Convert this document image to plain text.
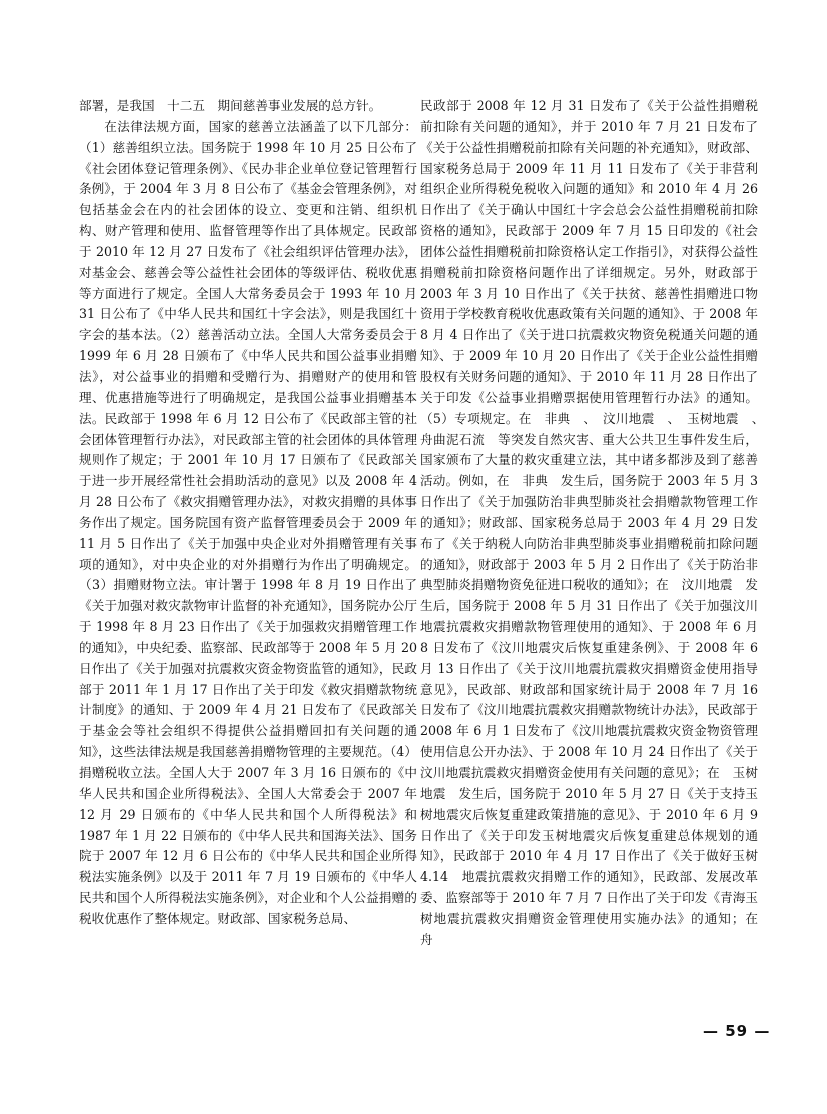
部署，是我国　十二五　期间慈善事业发展的总方针。

在法律法规方面，国家的慈善立法涵盖了以下几部分：（1）慈善组织立法。国务院于 1998 年 10 月 25 日公布了《社会团体登记管理条例》、《民办非企业单位登记管理暂行条例》，于 2004 年 3 月 8 日公布了《基金会管理条例》，对包括基金会在内的社会团体的设立、变更和注销、组织机构、财产管理和使用、监督管理等作出了具体规定。民政部于 2010 年 12 月 27 日发布了《社会组织评估管理办法》，对基金会、慈善会等公益性社会团体的等级评估、税收优惠等方面进行了规定。全国人大常务委员会于 1993 年 10 月 31 日公布了《中华人民共和国红十字会法》，则是我国红十字会的基本法。（2）慈善活动立法。全国人大常务委员会于 1999 年 6 月 28 日颁布了《中华人民共和国公益事业捐赠法》，对公益事业的捐赠和受赠行为、捐赠财产的使用和管理、优惠措施等进行了明确规定，是我国公益事业捐赠基本法。民政部于 1998 年 6 月 12 日公布了《民政部主管的社会团体管理暂行办法》，对民政部主管的社会团体的具体管理规则作了规定；于 2001 年 10 月 17 日颁布了《民政部关于进一步开展经常性社会捐助活动的意见》以及 2008 年 4 月 28 日公布了《救灾捐赠管理办法》，对救灾捐赠的具体事务作出了规定。国务院国有资产监督管理委员会于 2009 年 11 月 5 日作出了《关于加强中央企业对外捐赠管理有关事项的通知》，对中央企业的对外捐赠行为作出了明确规定。（3）捐赠财物立法。审计署于 1998 年 8 月 19 日作出了《关于加强对救灾款物审计监督的补充通知》，国务院办公厅于 1998 年 8 月 23 日作出了《关于加强救灾捐赠管理工作的通知》，中央纪委、监察部、民政部等于 2008 年 5 月 20 日作出了《关于加强对抗震救灾资金物资监管的通知》，民政部于 2011 年 1 月 17 日作出了关于印发《救灾捐赠款物统计制度》的通知、于 2009 年 4 月 21 日发布了《民政部关于基金会等社会组织不得提供公益捐赠回扣有关问题的通知》，这些法律法规是我国慈善捐赠物管理的主要规范。（4）捐赠税收立法。全国人大于 2007 年 3 月 16 日颁布的《中华人民共和国企业所得税法》、全国人大常委会于 2007 年 12 月 29 日颁布的《中华人民共和国个人所得税法》和 1987 年 1 月 22 日颁布的《中华人民共和国海关法》、国务院于 2007 年 12 月 6 日公布的《中华人民共和国企业所得税法实施条例》以及于 2011 年 7 月 19 日颁布的《中华人民共和国个人所得税法实施条例》，对企业和个人公益捐赠的税收优惠作了整体规定。财政部、国家税务总局、

民政部于 2008 年 12 月 31 日发布了《关于公益性捐赠税前扣除有关问题的通知》，并于 2010 年 7 月 21 日发布了《关于公益性捐赠税前扣除有关问题的补充通知》，财政部、国家税务总局于 2009 年 11 月 11 日发布了《关于非营利组织企业所得税免税收入问题的通知》和 2010 年 4 月 26 日作出了《关于确认中国红十字会总会公益性捐赠税前扣除资格的通知》，民政部于 2009 年 7 月 15 日印发的《社会团体公益性捐赠税前扣除资格认定工作指引》，对获得公益性捐赠税前扣除资格问题作出了详细规定。另外，财政部于 2003 年 3 月 10 日作出了《关于扶贫、慈善性捐赠进口物资用于学校教育税收优惠政策有关问题的通知》、于 2008 年 8 月 4 日作出了《关于进口抗震救灾物资免税通关问题的通知》、于 2009 年 10 月 20 日作出了《关于企业公益性捐赠股权有关财务问题的通知》、于 2010 年 11 月 28 日作出了关于印发《公益事业捐赠票据使用管理暂行办法》的通知。（5）专项规定。在　非典　、　汶川地震　、　玉树地震　、　舟曲泥石流　等突发自然灾害、重大公共卫生事件发生后，国家颁布了大量的救灾重建立法，其中诸多都涉及到了慈善活动。例如，在　非典　发生后，国务院于 2003 年 5 月 3 日作出了《关于加强防治非典型肺炎社会捐赠款物管理工作的通知》；财政部、国家税务总局于 2003 年 4 月 29 日发布了《关于纳税人向防治非典型肺炎事业捐赠税前扣除问题的通知》，财政部于 2003 年 5 月 2 日作出了《关于防治非典型肺炎捐赠物资免征进口税收的通知》；在　汶川地震　发生后，国务院于 2008 年 5 月 31 日作出了《关于加强汶川地震抗震救灾捐赠款物管理使用的通知》、于 2008 年 6 月 8 日发布了《汶川地震灾后恢复重建条例》、于 2008 年 6 月 13 日作出了《关于汶川地震抗震救灾捐赠资金使用指导意见》，民政部、财政部和国家统计局于 2008 年 7 月 16 日发布了《汶川地震抗震救灾捐赠款物统计办法》，民政部于 2008 年 6 月 1 日发布了《汶川地震抗震救灾资金物资管理使用信息公开办法》、于 2008 年 10 月 24 日作出了《关于汶川地震抗震救灾捐赠资金使用有关问题的意见》；在　玉树地震　发生后，国务院于 2010 年 5 月 27 日《关于支持玉树地震灾后恢复重建政策措施的意见》、于 2010 年 6 月 9 日作出了《关于印发玉树地震灾后恢复重建总体规划的通知》，民政部于 2010 年 4 月 17 日作出了《关于做好玉树　4.14　地震抗震救灾捐赠工作的通知》，民政部、发展改革委、监察部等于 2010 年 7 月 7 日作出了关于印发《青海玉树地震抗震救灾捐赠资金管理使用实施办法》的通知；在　舟

— 59 —
